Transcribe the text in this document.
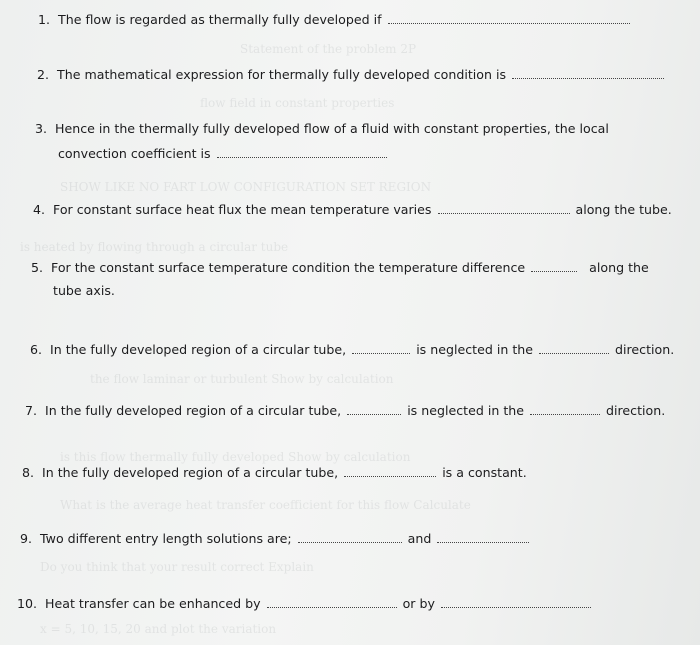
Statement of the problem 2P
flow field in constant properties
SHOW LIKE NO FART LOW CONFIGURATION SET REGION
is heated by flowing through a circular tube
the flow laminar or turbulent Show by calculation
is this flow thermally fully developed Show by calculation
What is the average heat transfer coefficient for this flow Calculate
Do you think that your result correct Explain
x = 5, 10, 15, 20 and plot the variation
1. The flow is regarded as thermally fully developed if
2. The mathematical expression for thermally fully developed condition is
3. Hence in the thermally fully developed flow of a fluid with constant properties, the local
convection coefficient is
4. For constant surface heat flux the mean temperature varies	along the tube.
5. For the constant surface temperature condition the temperature difference	along the
tube axis.
6. In the fully developed region of a circular tube,	is neglected in the	direction.
7. In the fully developed region of a circular tube,	is neglected in the	direction.
8. In the fully developed region of a circular tube,	is a constant.
9. Two different entry length solutions are;	and
10. Heat transfer can be enhanced by	or by
